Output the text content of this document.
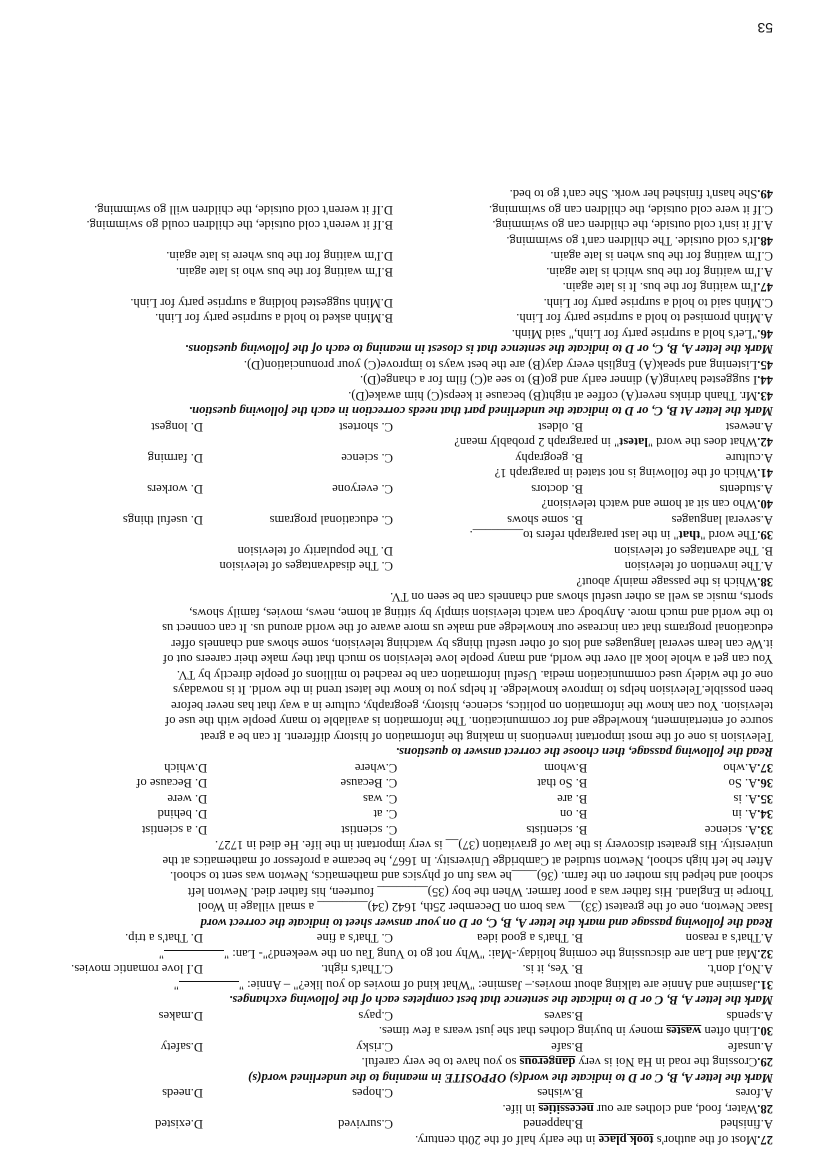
27.Most of the author's took place in the early half of the 20th century.

A.finished
B.happened
C.survived
D.existed

28.Water, food, and clothes are our necessities in life.

A.fores
B.wishes
C.hopes
D.needs

Mark the letter A, B, C or D to indicate the word(s) OPPOSITE in meaning to the underlined word(s)

29.Crossing the road in Ha Noi is very dangerous so you have to be very careful.

A.unsafe
B.safe
C.risky
D.safety

30.Linh often wastes money in buying clothes that she just wears a few times.

A.spends
B.saves
C.pays
D.makes

Mark the letter A, B, C or D to indicate the sentence that best completes each of the following exchanges.

31.Jasmine and Annie are talking about movies.– Jasmine: "What kind of movies do you like?" – Annie: ""

A.No,I don't.
B. Yes, it is.
C.That's right.
D.I love romantic movies.

32.Mai and Lan are discussing the coming holiday.-Mai: "Why not go to Vung Tau on the weekend?"- Lan: ""

A.That's a reason
B. That's a good idea
C. That's a fine
D. That's a trip.

Read the following passage and mark the letter A, B, C, or D on your answer sheet to indicate the correct word

Isaac Newton, one of the greatest (33)__ was born on December 25th, 1642 (34)________ a small village in Wool

Thorpe in England. His father was a poor farmer. When the boy (35)________ fourteen, his father died. Newton left

school and helped his mother on the farm. (36)____he was fun of physics and mathematics, Newton was sent to school.

After he left high school, Newton studied at Cambridge University. In 1667, he became a professor of mathematics at the

university. His greatest discovery is the law of gravitation (37)__ is very important in the life. He died in 1727.

33.
A. science
B. scientists
C. scientist
D. a scientist
34.
A. in
B. on
C. at
D. behind
35.
A. is
B. are
C. was
D. were
36.
A. So
B. So that
C. Because
D. Because of
37.
A.who
B.whom
C.where
D.which

Read the following passage, then choose the correct answer to questions.

Television is one of the most important inventions in making the information of history different. It can be a great

source of entertainment, knowledge and for communication. The information is available to many people with the use of

television. You can know the information on politics, science, history, geography, culture in a way that has never before

been possible.Television helps to improve knowledge. It helps you to know the latest trend in the world. It is nowadays

one of the widely used communication media. Useful information can be reached to millions of people directly by TV.

You can get a whole look all over the world, and many people love television so much that they make their careers out of

it.We can learn several languages and lots of other useful things by watching television, some shows and channels offer

educational programs that can increase our knowledge and make us more aware of the world around us. It can connect us

to the world and much more. Anybody can watch television simply by sitting at home, news, movies, family shows,

sports, music as well as other useful shows and channels can be seen on TV.

38.Which is the passage mainly about?

A.The invention of television
C. The disadvantages of television
B. The advantages of television
D. The popularity of television

39.The word "that" in the last paragraph refers to________.

A.several languages
B. some shows
C. educational programs
D. useful things

40.Who can sit at home and watch television?

A.students
B. doctors
C. everyone
D. workers

41.Which of the following is not stated in paragraph 1?

A.culture
B. geography
C. science
D. farming

42.What does the word "latest" in paragraph 2 probably mean?

A.newest
B. oldest
C. shortest
D. longest

Mark the letter At B, C, or D to indicate the underlined part that needs correction in each the following question.

43.Mr. Thanh drinks never(A) coffee at night(B) because it keeps(C) him awake(D).

44.I suggested having(A) dinner early and go(B) to see a(C) film for a change(D).

45.Listening and speak(A) English every day(B) are the best ways to improve(C) your pronunciation(D).

Mark the letter A, B, C, or D to indicate the sentence that is closest in meaning to each of the following questions.

46."Let's hold a surprise party for Linh," said Minh.

A.Minh promised to hold a surprise party for Linh.
B.Minh asked to hold a surprise party for Linh.
C.Minh said to hold a surprise party for Linh.
D.Minh suggested holding a surprise party for Linh.

47.I'm waiting for the bus. It is late again.

A.I'm waiting for the bus which is late again.
B.I'm waiting for the bus who is late again.
C.I'm waiting for the bus when is late again.
D.I'm waiting for the bus where is late again.

48.It's cold outside. The children can't go swimming.

A.If it isn't cold outside, the children can go swimming.
B.If it weren't cold outside, the children could go swimming.
C.If it were cold outside, the children can go swimming.
D.If it weren't cold outside, the children will go swimming.

49.She hasn't finished her work. She can't go to bed.

53
